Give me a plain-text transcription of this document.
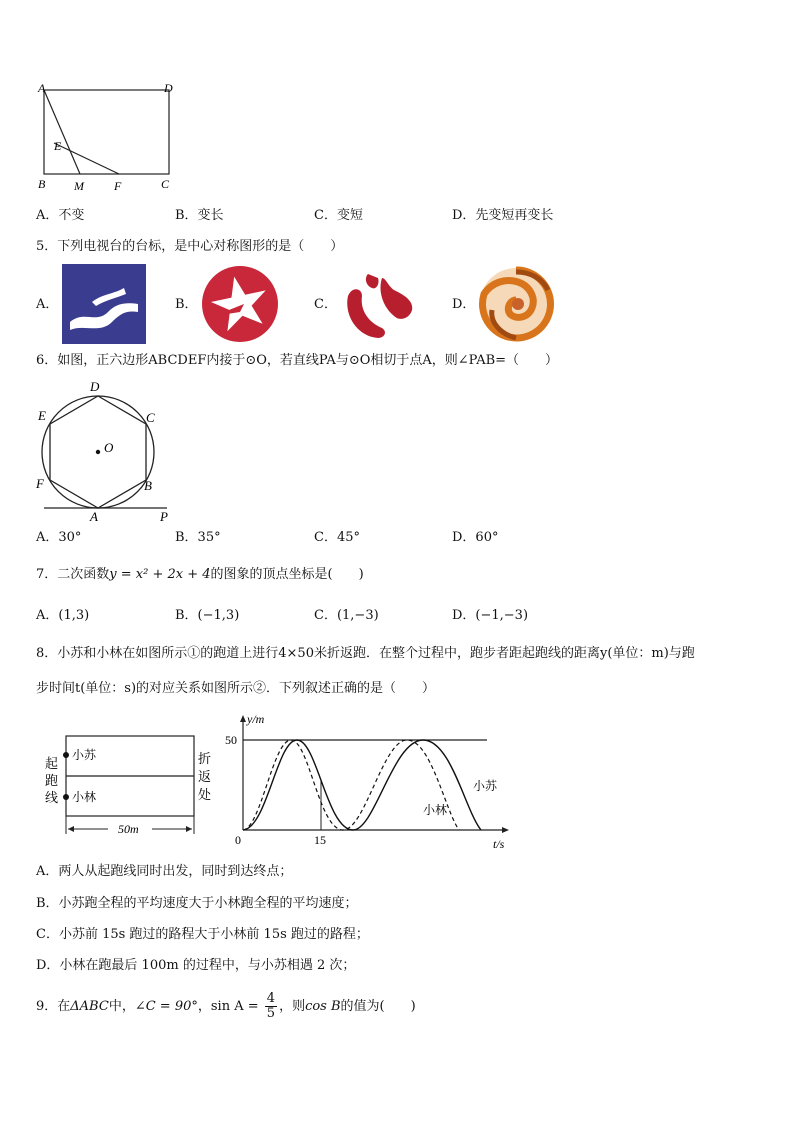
A	D
E
B M	F	C
A．不变	B．变长	C．变短	D．先变短再变长
5．下列电视台的台标，是中心对称图形的是（　　）
A．	B．	C．	D．
6．如图，正六边形ABCDEF内接于⊙O，若直线PA与⊙O相切于点A，则∠PAB=（　　）
D
E	C
O
F	B
A	P
A．30°	B．35°	C．45°	D．60°
7．二次函数y = x² + 2x + 4的图象的顶点坐标是(　　)
A．(1,3)	B．(−1,3)	C．(1,−3)	D．(−1,−3)
8．小苏和小林在如图所示①的跑道上进行4×50米折返跑．在整个过程中，跑步者距起跑线的距离y(单位：m)与跑
步时间t(单位：s)的对应关系如图所示②．下列叙述正确的是（　　）
起
跑
线
折
返
处
小苏
小林
50m
y/m
t/s
50
15
0
小苏
小林
A．两人从起跑线同时出发，同时到达终点；
B．小苏跑全程的平均速度大于小林跑全程的平均速度；
C．小苏前 15s 跑过的路程大于小林前 15s 跑过的路程；
D．小林在跑最后 100m 的过程中，与小苏相遇 2 次；
9．在ΔABC中，∠C = 90°，$\sin A = \frac{4}{5}$ ，则cos B的值为(　　)
